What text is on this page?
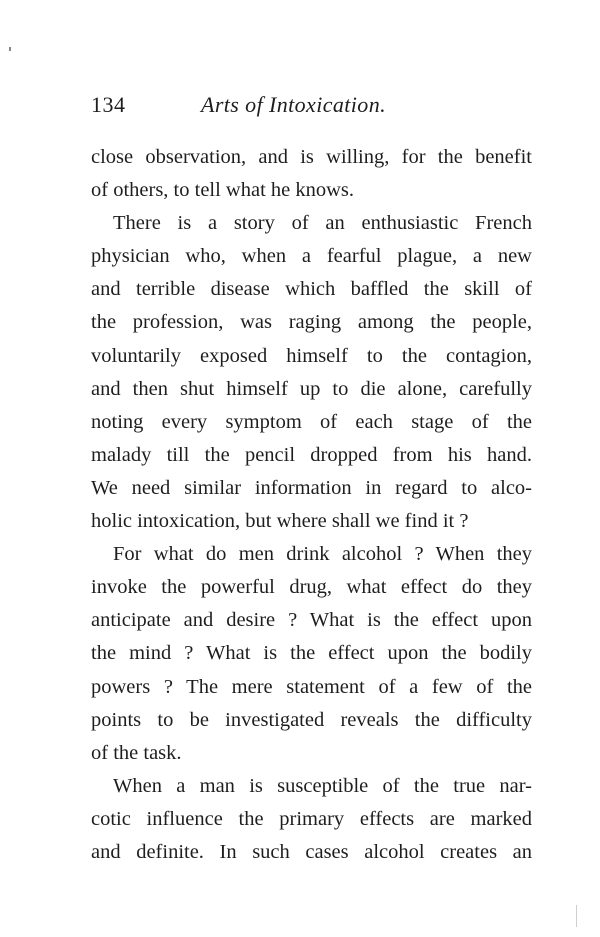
134	Arts of Intoxication.
close observation, and is willing, for the benefit
of others, to tell what he knows.
There is a story of an enthusiastic French
physician who, when a fearful plague, a new
and terrible disease which baffled the skill of
the profession, was raging among the people,
voluntarily exposed himself to the contagion,
and then shut himself up to die alone, carefully
noting every symptom of each stage of the
malady till the pencil dropped from his hand.
We need similar information in regard to alco-
holic intoxication, but where shall we find it ?
For what do men drink alcohol ? When they
invoke the powerful drug, what effect do they
anticipate and desire ? What is the effect upon
the mind ? What is the effect upon the bodily
powers ? The mere statement of a few of the
points to be investigated reveals the difficulty
of the task.
When a man is susceptible of the true nar-
cotic influence the primary effects are marked
and definite. In such cases alcohol creates an
